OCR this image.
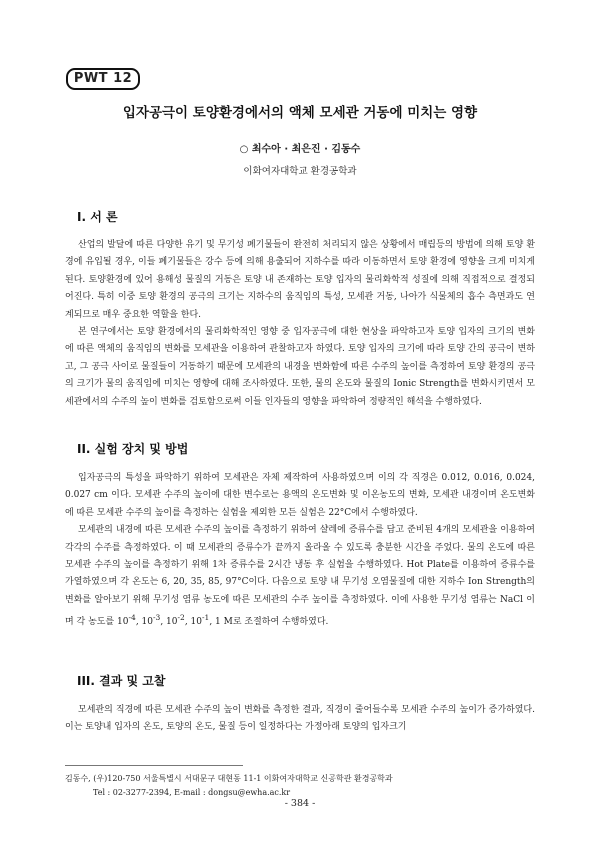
PWT 12
입자공극이 토양환경에서의 액체 모세관 거동에 미치는 영향
○ 최수아 · 최은진 · 김동수
이화여자대학교 환경공학과
I. 서 론

산업의 발달에 따른 다양한 유기 및 무기성 폐기물들이 완전히 처리되지 않은 상황에서 매립등의 방법에 의해 토양 환경에 유입될 경우, 이들 폐기물들은 강수 등에 의해 용출되어 지하수를 따라 이동하면서 토양 환경에 영향을 크게 미치게 된다. 토양환경에 있어 용해성 물질의 거동은 토양 내 존재하는 토양 입자의 물리화학적 성질에 의해 직접적으로 결정되어진다. 특히 이중 토양 환경의 공극의 크기는 지하수의 움직임의 특성, 모세관 거동, 나아가 식물체의 흡수 측면과도 연계되므로 매우 중요한 역할을 한다.

본 연구에서는 토양 환경에서의 물리화학적인 영향 중 입자공극에 대한 현상을 파악하고자 토양 입자의 크기의 변화에 따른 액체의 움직임의 변화를 모세관을 이용하여 관찰하고자 하였다. 토양 입자의 크기에 따라 토양 간의 공극이 변하고, 그 공극 사이로 물질들이 거동하기 때문에 모세관의 내경을 변화함에 따른 수주의 높이를 측정하여 토양 환경의 공극의 크기가 물의 움직임에 미치는 영향에 대해 조사하였다. 또한, 물의 온도와 물질의 Ionic Strength를 변화시키면서 모세관에서의 수주의 높이 변화를 검토함으로써 이들 인자들의 영향을 파악하여 정량적인 해석을 수행하였다.

II. 실험 장치 및 방법

입자공극의 특성을 파악하기 위하여 모세관은 자체 제작하여 사용하였으며 이의 각 직경은 0.012, 0.016, 0.024, 0.027 cm 이다. 모세관 수주의 높이에 대한 변수로는 용액의 온도변화 및 이온농도의 변화, 모세관 내경이며 온도변화에 따른 모세관 수주의 높이를 측정하는 실험을 제외한 모든 실험은 22°C에서 수행하였다.

모세관의 내경에 따른 모세관 수주의 높이를 측정하기 위하여 샬레에 증류수를 담고 준비된 4개의 모세관을 이용하여 각각의 수주를 측정하였다. 이 때 모세관의 증류수가 끝까지 올라올 수 있도록 충분한 시간을 주었다. 물의 온도에 따른 모세관 수주의 높이를 측정하기 위해 1차 증류수를 2시간 냉동 후 실험을 수행하였다. Hot Plate를 이용하여 증류수를 가열하였으며 각 온도는 6, 20, 35, 85, 97°C이다. 다음으로 토양 내 무기성 오염물질에 대한 지하수 Ion Strength의 변화를 알아보기 위해 무기성 염류 농도에 따른 모세관의 수주 높이를 측정하였다. 이에 사용한 무기성 염류는 NaCl 이며 각 농도를 $10^{-4}$, $10^{-3}$, $10^{-2}$, $10^{-1}$, 1 M로 조절하여 수행하였다.

III. 결과 및 고찰

모세관의 직경에 따른 모세관 수주의 높이 변화를 측정한 결과, 직경이 줄어들수록 모세관 수주의 높이가 증가하였다. 이는 토양내 입자의 온도, 토양의 온도, 물질 등이 일정하다는 가정아래 토양의 입자크기

김동수, (우)120-750 서울특별시 서대문구 대현동 11-1 이화여자대학교 신공학관 환경공학과
Tel : 02-3277-2394, E-mail : dongsu@ewha.ac.kr
- 384 -
